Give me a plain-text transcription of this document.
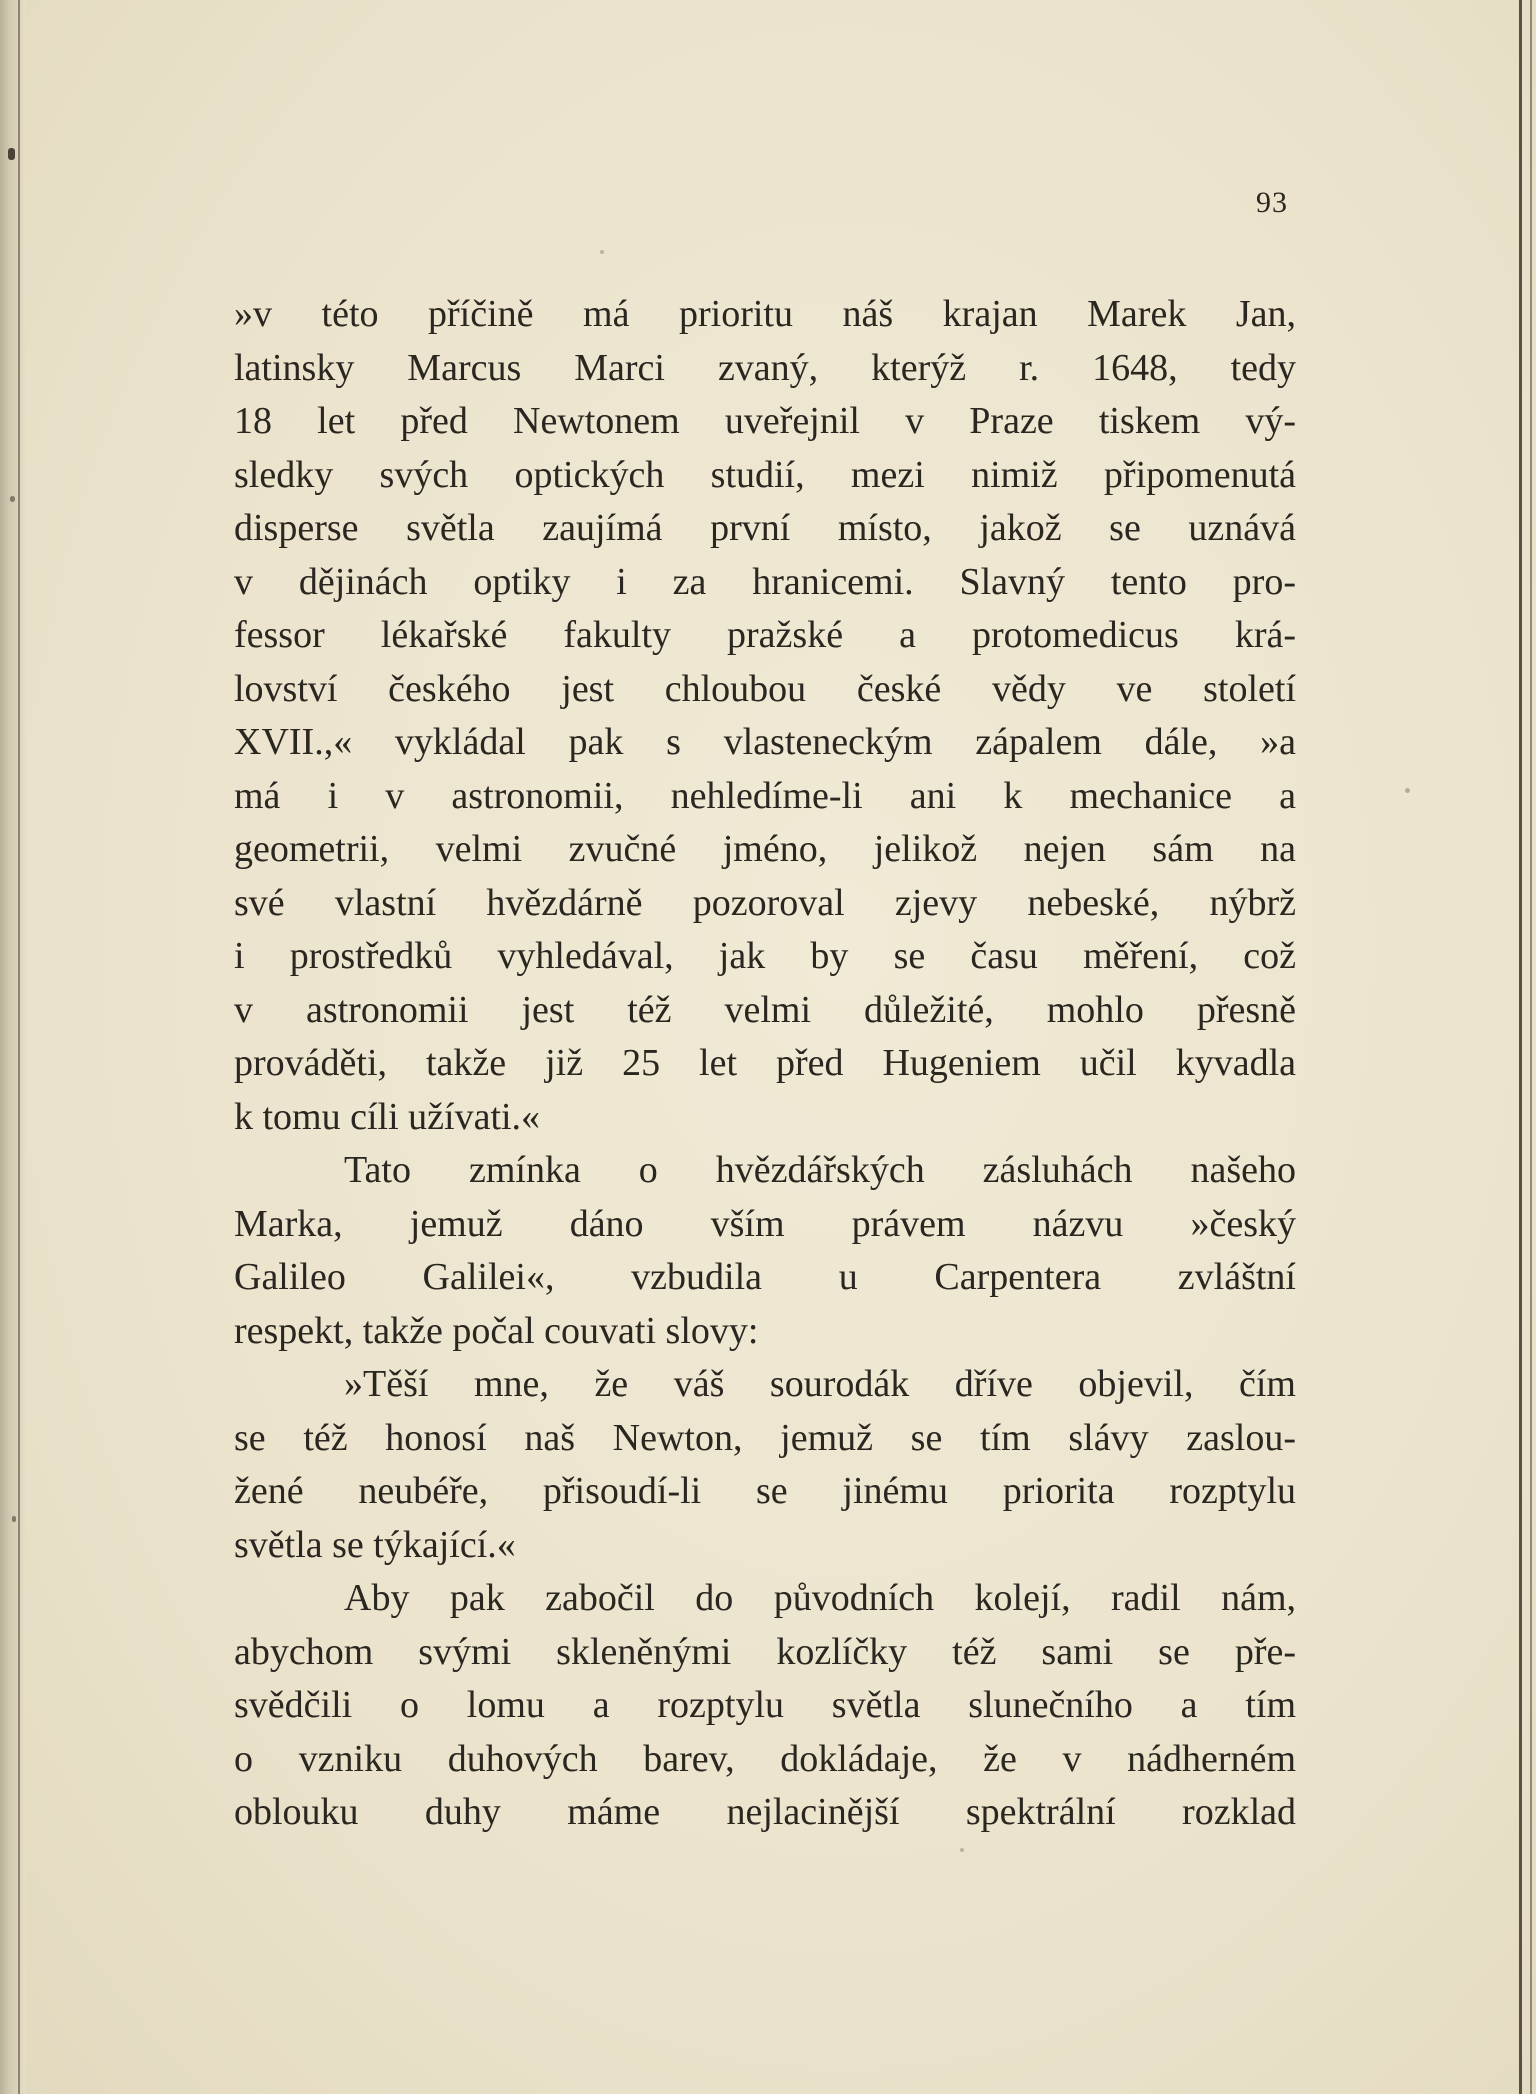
93
»v této příčině má prioritu náš krajan Marek Jan,
latinsky Marcus Marci zvaný, kterýž r. 1648, tedy
18 let před Newtonem uveřejnil v Praze tiskem vý-
sledky svých optických studií, mezi nimiž připomenutá
disperse světla zaujímá první místo, jakož se uznává
v dějinách optiky i za hranicemi. Slavný tento pro-
fessor lékařské fakulty pražské a protomedicus krá-
lovství českého jest chloubou české vědy ve století
XVII.,« vykládal pak s vlasteneckým zápalem dále, »a
má i v astronomii, nehledíme-li ani k mechanice a
geometrii, velmi zvučné jméno, jelikož nejen sám na
své vlastní hvězdárně pozoroval zjevy nebeské, nýbrž
i prostředků vyhledával, jak by se času měření, což
v astronomii jest též velmi důležité, mohlo přesně
prováděti, takže již 25 let před Hugeniem učil kyvadla
k tomu cíli užívati.«
Tato zmínka o hvězdářských zásluhách našeho
Marka, jemuž dáno vším právem názvu »český
Galileo Galilei«, vzbudila u Carpentera zvláštní
respekt, takže počal couvati slovy:
»Těší mne, že váš sourodák dříve objevil, čím
se též honosí naš Newton, jemuž se tím slávy zaslou-
žené neubéře, přisoudí-li se jinému priorita rozptylu
světla se týkající.«
Aby pak zabočil do původních kolejí, radil nám,
abychom svými skleněnými kozlíčky též sami se pře-
svědčili o lomu a rozptylu světla slunečního a tím
o vzniku duhových barev, dokládaje, že v nádherném
oblouku duhy máme nejlacinější spektrální rozklad
